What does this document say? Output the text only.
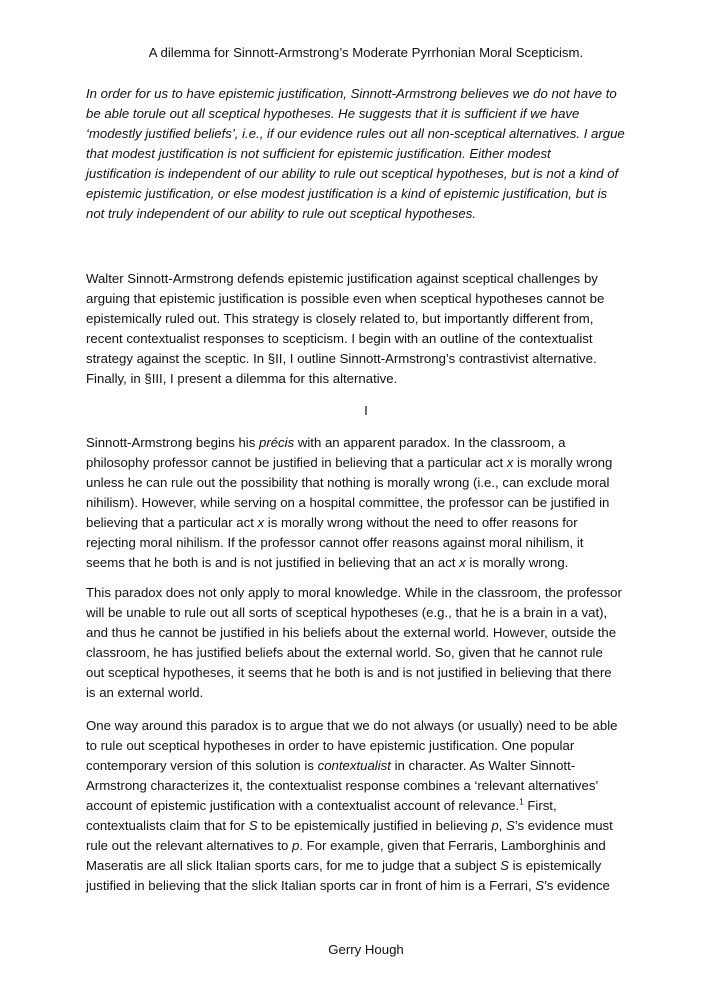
A dilemma for Sinnott-Armstrong’s Moderate Pyrrhonian Moral Scepticism.
In order for us to have epistemic justification, Sinnott-Armstrong believes we do not have to
be able torule out all sceptical hypotheses. He suggests that it is sufficient if we have
‘modestly justified beliefs’, i.e., if our evidence rules out all non-sceptical alternatives. I argue
that modest justification is not sufficient for epistemic justification. Either modest
justification is independent of our ability to rule out sceptical hypotheses, but is not a kind of
epistemic justification, or else modest justification is a kind of epistemic justification, but is
not truly independent of our ability to rule out sceptical hypotheses.
Walter Sinnott-Armstrong defends epistemic justification against sceptical challenges by
arguing that epistemic justification is possible even when sceptical hypotheses cannot be
epistemically ruled out. This strategy is closely related to, but importantly different from,
recent contextualist responses to scepticism. I begin with an outline of the contextualist
strategy against the sceptic. In §II, I outline Sinnott-Armstrong’s contrastivist alternative.
Finally, in §III, I present a dilemma for this alternative.
I
Sinnott-Armstrong begins his précis with an apparent paradox. In the classroom, a
philosophy professor cannot be justified in believing that a particular act x is morally wrong
unless he can rule out the possibility that nothing is morally wrong (i.e., can exclude moral
nihilism). However, while serving on a hospital committee, the professor can be justified in
believing that a particular act x is morally wrong without the need to offer reasons for
rejecting moral nihilism. If the professor cannot offer reasons against moral nihilism, it
seems that he both is and is not justified in believing that an act x is morally wrong.
This paradox does not only apply to moral knowledge. While in the classroom, the professor
will be unable to rule out all sorts of sceptical hypotheses (e.g., that he is a brain in a vat),
and thus he cannot be justified in his beliefs about the external world. However, outside the
classroom, he has justified beliefs about the external world. So, given that he cannot rule
out sceptical hypotheses, it seems that he both is and is not justified in believing that there
is an external world.
One way around this paradox is to argue that we do not always (or usually) need to be able
to rule out sceptical hypotheses in order to have epistemic justification. One popular
contemporary version of this solution is contextualist in character. As Walter Sinnott-
Armstrong characterizes it, the contextualist response combines a ‘relevant alternatives’
account of epistemic justification with a contextualist account of relevance.$^1$ First,
contextualists claim that for S to be epistemically justified in believing p, S’s evidence must
rule out the relevant alternatives to p. For example, given that Ferraris, Lamborghinis and
Maseratis are all slick Italian sports cars, for me to judge that a subject S is epistemically
justified in believing that the slick Italian sports car in front of him is a Ferrari, S’s evidence
Gerry Hough
